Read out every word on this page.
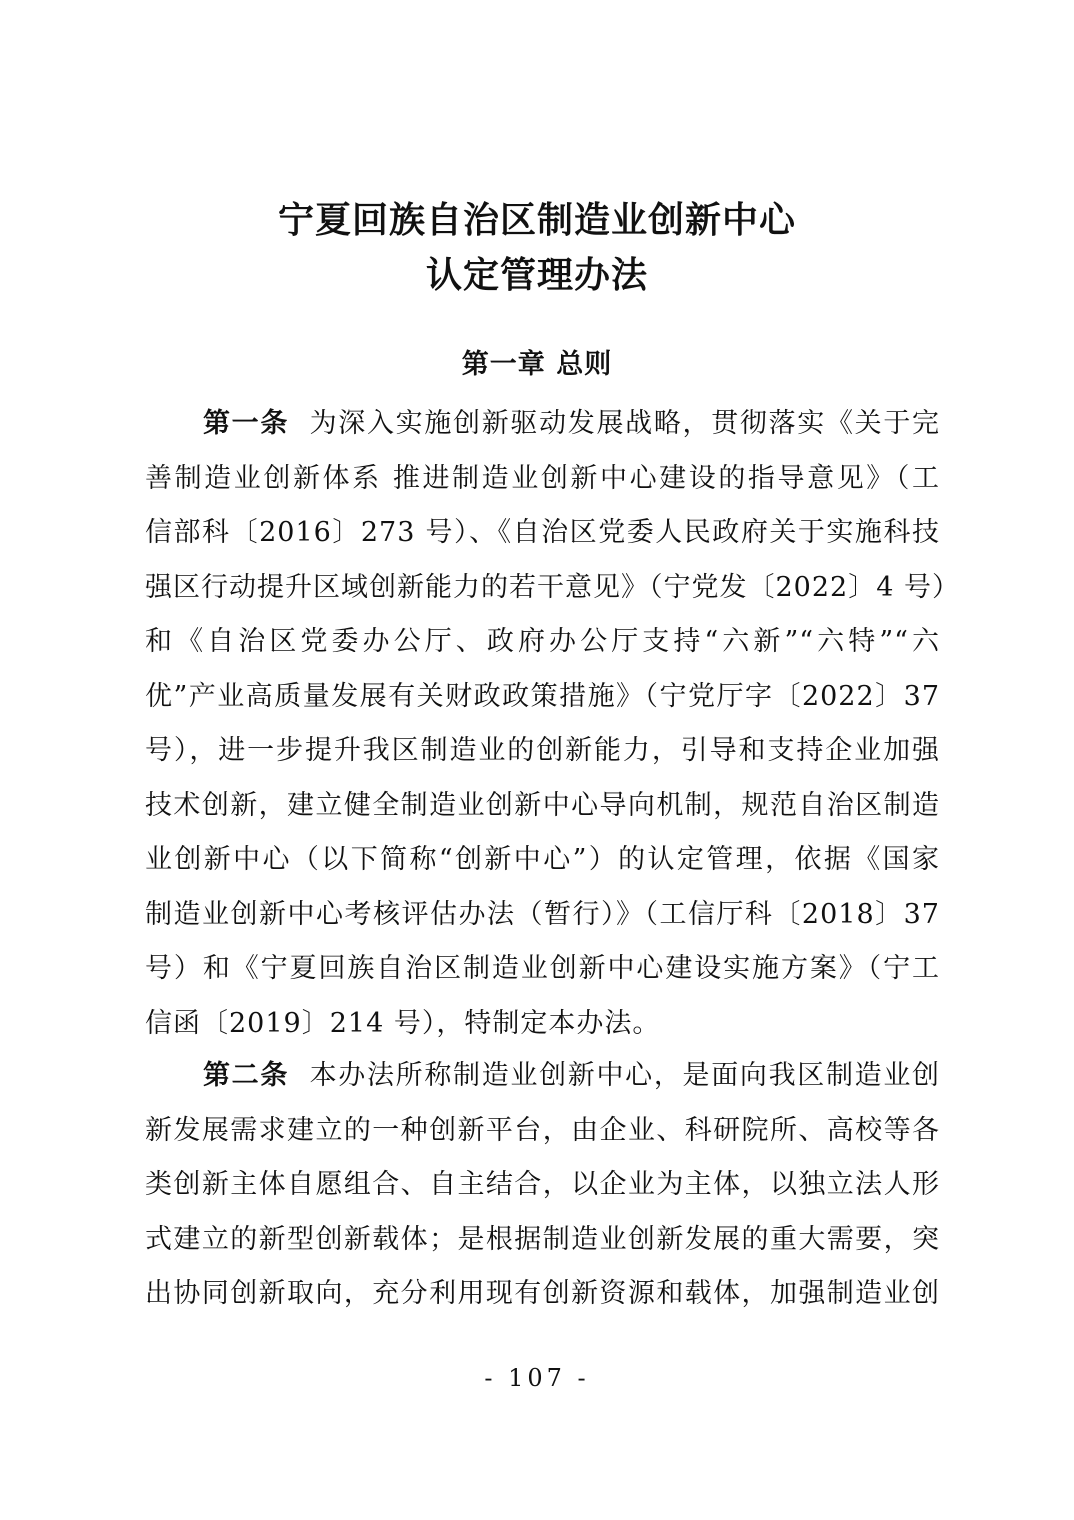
宁夏回族自治区制造业创新中心
认定管理办法
第一章 总则
第一条 为深入实施创新驱动发展战略，贯彻落实《关于完
善制造业创新体系 推进制造业创新中心建设的指导意见》（工
信部科〔2016〕273 号）、《自治区党委人民政府关于实施科技
强区行动提升区域创新能力的若干意见》（宁党发〔2022〕4 号）
和《自治区党委办公厅、政府办公厅支持“六新”“六特”“六
优”产业高质量发展有关财政政策措施》（宁党厅字〔2022〕37
号），进一步提升我区制造业的创新能力，引导和支持企业加强
技术创新，建立健全制造业创新中心导向机制，规范自治区制造
业创新中心（以下简称“创新中心”）的认定管理，依据《国家
制造业创新中心考核评估办法（暂行）》（工信厅科〔2018〕37
号）和《宁夏回族自治区制造业创新中心建设实施方案》（宁工
信函〔2019〕214 号），特制定本办法。
第二条 本办法所称制造业创新中心，是面向我区制造业创
新发展需求建立的一种创新平台，由企业、科研院所、高校等各
类创新主体自愿组合、自主结合，以企业为主体，以独立法人形
式建立的新型创新载体；是根据制造业创新发展的重大需要，突
出协同创新取向，充分利用现有创新资源和载体，加强制造业创
- 107 -
